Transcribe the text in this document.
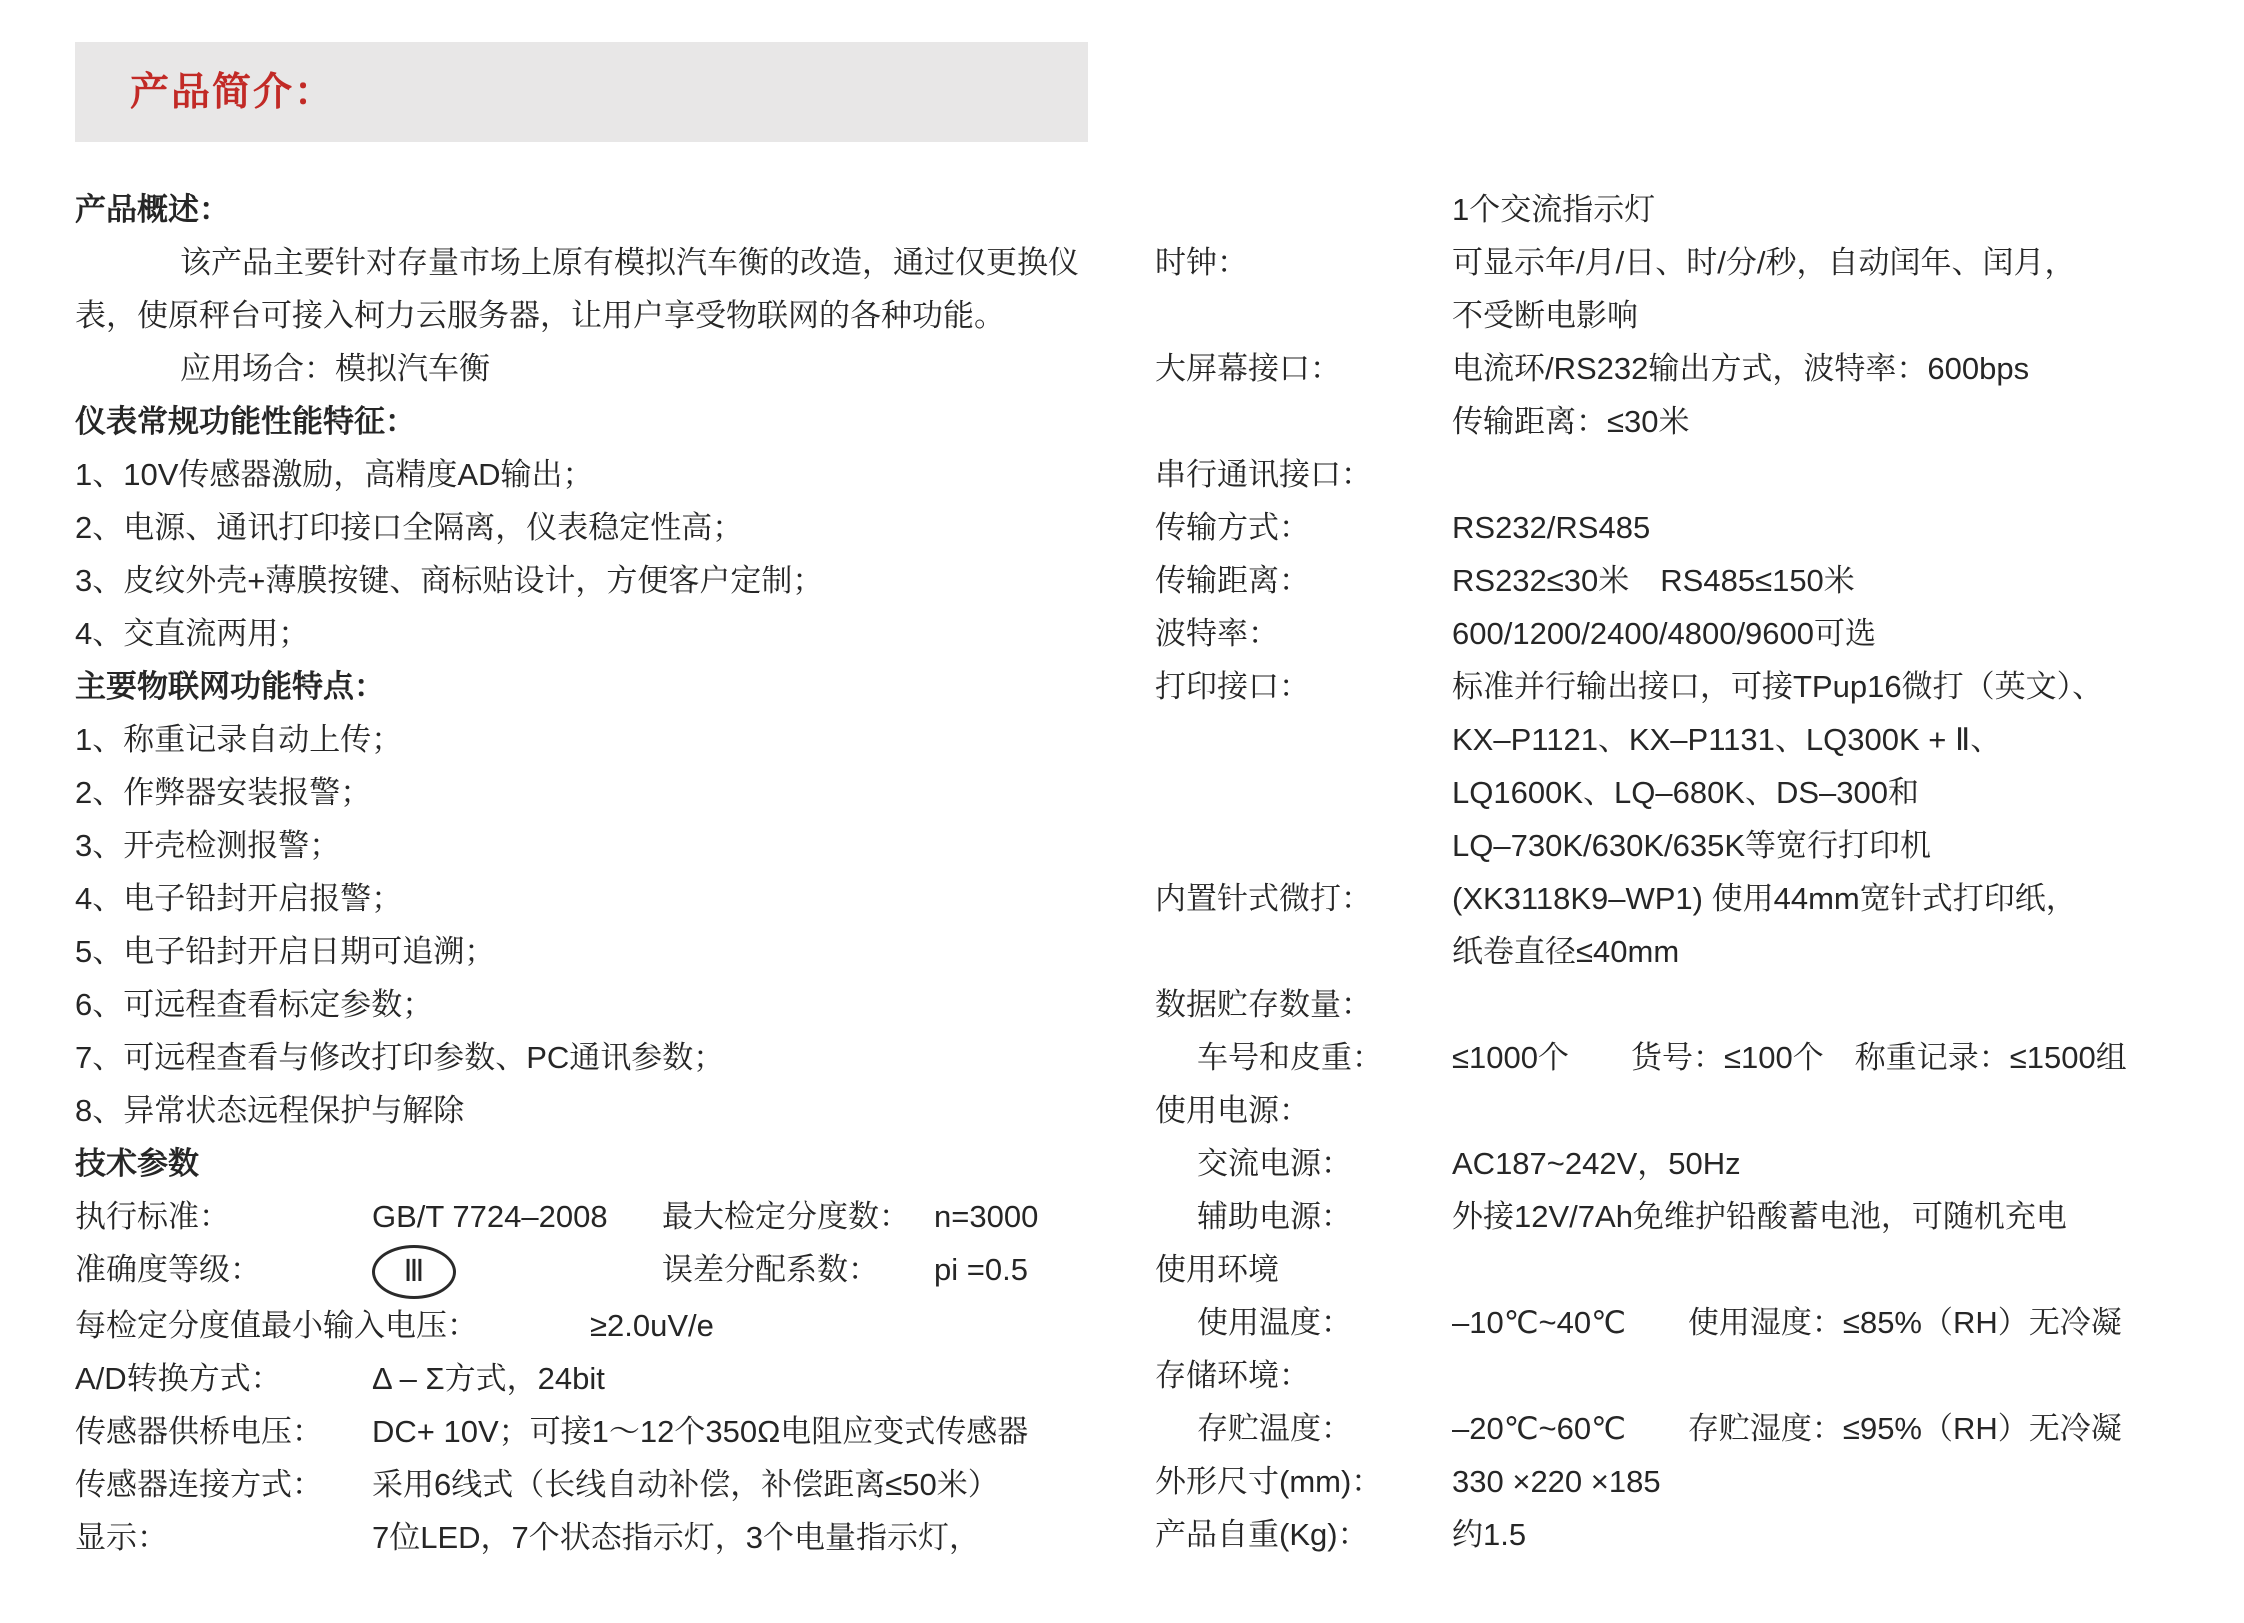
产品简介：
产品概述：
该产品主要针对存量市场上原有模拟汽车衡的改造，通过仅更换仪
表，使原秤台可接入柯力云服务器，让用户享受物联网的各种功能。
应用场合：模拟汽车衡
仪表常规功能性能特征：
1、10V传感器激励，高精度AD输出；
2、电源、通讯打印接口全隔离，仪表稳定性高；
3、皮纹外壳+薄膜按键、商标贴设计，方便客户定制；
4、交直流两用；
主要物联网功能特点：
1、称重记录自动上传；
2、作弊器安装报警；
3、开壳检测报警；
4、电子铅封开启报警；
5、电子铅封开启日期可追溯；
6、可远程查看标定参数；
7、可远程查看与修改打印参数、PC通讯参数；
8、异常状态远程保护与解除
技术参数
执行标准：	GB/T 7724–2008	最大检定分度数： n=3000
准确度等级：	Ⅲ	误差分配系数：	pi =0.5
每检定分度值最小输入电压：	≥2.0uV/e
A/D转换方式：	Δ – Σ方式，24bit
传感器供桥电压：	DC+ 10V；可接1～12个350Ω电阻应变式传感器
传感器连接方式：	采用6线式（长线自动补偿，补偿距离≤50米）
显示：	7位LED，7个状态指示灯，3个电量指示灯，
1个交流指示灯
时钟：	可显示年/月/日、时/分/秒，自动闰年、闰月，
不受断电影响
大屏幕接口：	电流环/RS232输出方式，波特率：600bps
传输距离：≤30米
串行通讯接口：
传输方式：	RS232/RS485
传输距离：	RS232≤30米　RS485≤150米
波特率：	600/1200/2400/4800/9600可选
打印接口：	标准并行输出接口，可接TPup16微打（英文）、
KX–P1121、KX–P1131、LQ300K + Ⅱ、
LQ1600K、LQ–680K、DS–300和
LQ–730K/630K/635K等宽行打印机
内置针式微打：	(XK3118K9–WP1) 使用44mm宽针式打印纸，
纸卷直径≤40mm
数据贮存数量：
车号和皮重：	≤1000个　　货号：≤100个　称重记录：≤1500组
使用电源：
交流电源：	AC187~242V，50Hz
辅助电源：	外接12V/7Ah免维护铅酸蓄电池，可随机充电
使用环境
使用温度：	–10℃~40℃　　使用湿度：≤85%（RH）无冷凝
存储环境：
存贮温度：	–20℃~60℃　　存贮湿度：≤95%（RH）无冷凝
外形尺寸(mm)：	330 ×220 ×185
产品自重(Kg)：	约1.5
